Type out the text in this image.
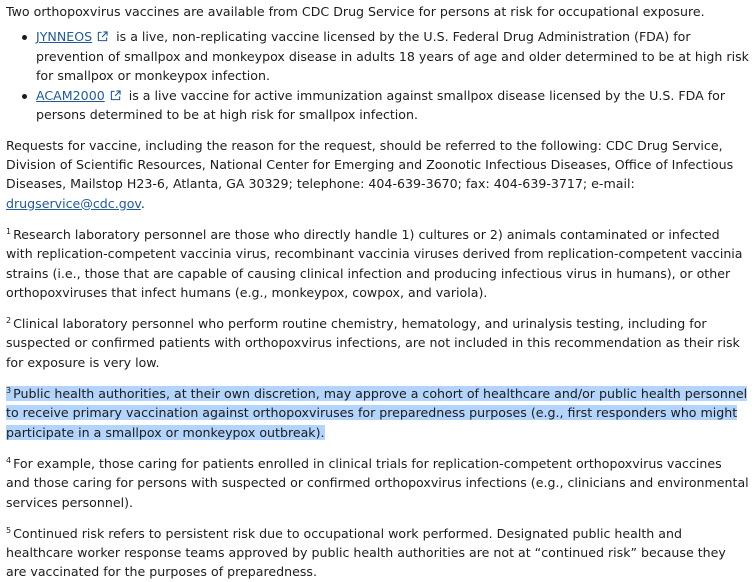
Two orthopoxvirus vaccines are available from CDC Drug Service for persons at risk for occupational exposure.

JYNNEOS is a live, non-replicating vaccine licensed by the U.S. Federal Drug Administration (FDA) for prevention of smallpox and monkeypox disease in adults 18 years of age and older determined to be at high risk for smallpox or monkeypox infection.
ACAM2000 is a live vaccine for active immunization against smallpox disease licensed by the U.S. FDA for persons determined to be at high risk for smallpox infection.

Requests for vaccine, including the reason for the request, should be referred to the following: CDC Drug Service, Division of Scientific Resources, National Center for Emerging and Zoonotic Infectious Diseases, Office of Infectious Diseases, Mailstop H23-6, Atlanta, GA 30329; telephone: 404-639-3670; fax: 404-639-3717; e-mail: drugservice@cdc.gov.

$^1$ Research laboratory personnel are those who directly handle 1) cultures or 2) animals contaminated or infected with replication-competent vaccinia virus, recombinant vaccinia viruses derived from replication-competent vaccinia strains (i.e., those that are capable of causing clinical infection and producing infectious virus in humans), or other orthopoxviruses that infect humans (e.g., monkeypox, cowpox, and variola).

$^2$ Clinical laboratory personnel who perform routine chemistry, hematology, and urinalysis testing, including for suspected or confirmed patients with orthopoxvirus infections, are not included in this recommendation as their risk for exposure is very low.

$^3$ Public health authorities, at their own discretion, may approve a cohort of healthcare and/or public health personnel to receive primary vaccination against orthopoxviruses for preparedness purposes (e.g., first responders who might participate in a smallpox or monkeypox outbreak).

$^4$ For example, those caring for patients enrolled in clinical trials for replication-competent orthopoxvirus vaccines and those caring for persons with suspected or confirmed orthopoxvirus infections (e.g., clinicians and environmental services personnel).

$^5$ Continued risk refers to persistent risk due to occupational work performed. Designated public health and healthcare worker response teams approved by public health authorities are not at “continued risk” because they are vaccinated for the purposes of preparedness.
